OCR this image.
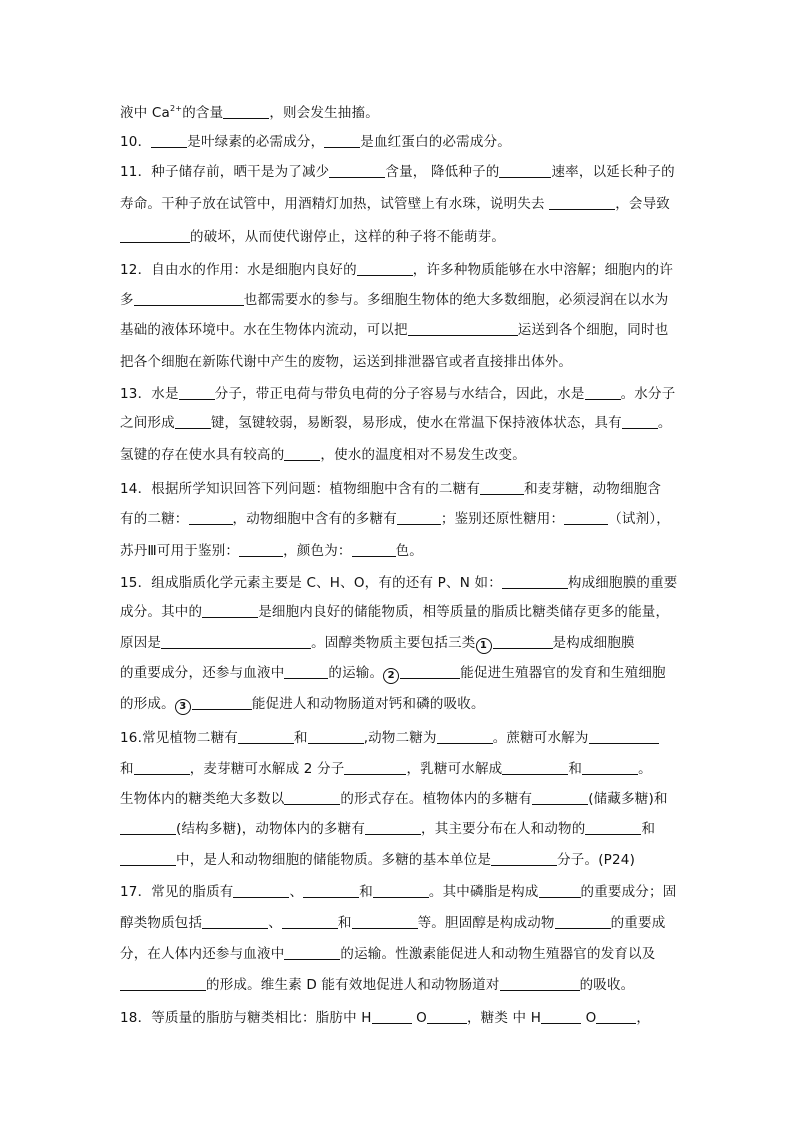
液中 $Ca^{2+}$的含量	，则会发生抽搐。
10．	是叶绿素的必需成分，	是血红蛋白的必需成分。
11．种子储存前，晒干是为了减少	含量， 降低种子的	速率，以延长种子的
寿命。干种子放在试管中，用酒精灯加热，试管壁上有水珠，说明失去	，会导致
的破坏，从而使代谢停止，这样的种子将不能萌芽。
12．自由水的作用：水是细胞内良好的	，许多种物质能够在水中溶解；细胞内的许
多	也都需要水的参与。多细胞生物体的绝大多数细胞，必须浸润在以水为
基础的液体环境中。水在生物体内流动，可以把	运送到各个细胞，同时也
把各个细胞在新陈代谢中产生的废物，运送到排泄器官或者直接排出体外。
13．水是	分子，带正电荷与带负电荷的分子容易与水结合，因此，水是	。水分子
之间形成	键，氢键较弱，易断裂，易形成，使水在常温下保持液体状态，具有	。
氢键的存在使水具有较高的	，使水的温度相对不易发生改变。
14．根据所学知识回答下列问题：植物细胞中含有的二糖有	和麦芽糖，动物细胞含
有的二糖：	，动物细胞中含有的多糖有	；鉴别还原性糖用：	（试剂），
苏丹Ⅲ可用于鉴别：	，颜色为：	色。
15．组成脂质化学元素主要是 C、H、O，有的还有 P、N 如：	构成细胞膜的重要
成分。其中的	是细胞内良好的储能物质，相等质量的脂质比糖类储存更多的能量，
原因是	。固醇类物质主要包括三类 1	是构成细胞膜
的重要成分，还参与血液中	的运输。 2	能促进生殖器官的发育和生殖细胞
的形成。 3	能促进人和动物肠道对钙和磷的吸收。
16.常见植物二糖有	和	,动物二糖为	。蔗糖可水解为
和	，麦芽糖可水解成 2 分子	，乳糖可水解成	和	。
生物体内的糖类绝大多数以	的形式存在。植物体内的多糖有	(储藏多糖)和
(结构多糖)，动物体内的多糖有	，其主要分布在人和动物的	和
中，是人和动物细胞的储能物质。多糖的基本单位是	分子。(P24)
17．常见的脂质有	、	和	。其中磷脂是构成	的重要成分；固
醇类物质包括	、	和	等。胆固醇是构成动物	的重要成
分，在人体内还参与血液中	的运输。性激素能促进人和动物生殖器官的发育以及
的形成。维生素 D 能有效地促进人和动物肠道对	的吸收。
18．等质量的脂肪与糖类相比：脂肪中 H	O	，糖类 中 H	O	，
